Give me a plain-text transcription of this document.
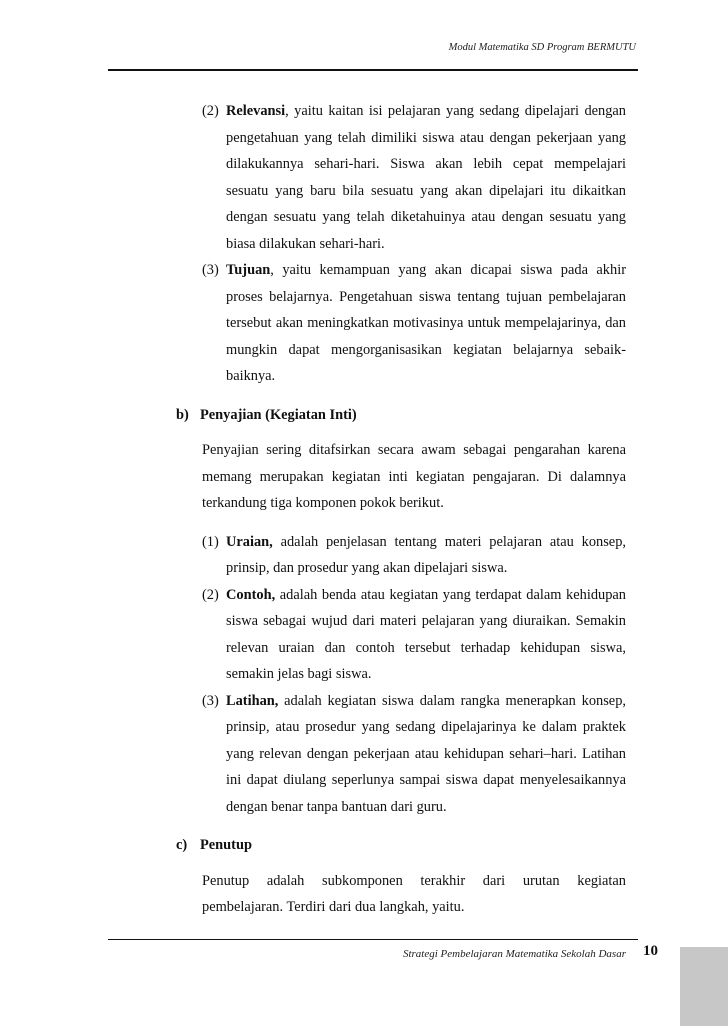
Modul Matematika SD Program BERMUTU
(2) Relevansi, yaitu kaitan isi pelajaran yang sedang dipelajari dengan pengetahuan yang telah dimiliki siswa atau dengan pekerjaan yang dilakukannya sehari-hari. Siswa akan lebih cepat mempelajari sesuatu yang baru bila sesuatu yang akan dipelajari itu dikaitkan dengan sesuatu yang telah diketahuinya atau dengan sesuatu yang biasa dilakukan sehari-hari.
(3) Tujuan, yaitu kemampuan yang akan dicapai siswa pada akhir proses belajarnya. Pengetahuan siswa tentang tujuan pembelajaran tersebut akan meningkatkan motivasinya untuk mempelajarinya, dan mungkin dapat mengorganisasikan kegiatan belajarnya sebaik-baiknya.
b) Penyajian (Kegiatan Inti)
Penyajian sering ditafsirkan secara awam sebagai pengarahan karena memang merupakan kegiatan inti kegiatan pengajaran. Di dalamnya terkandung tiga komponen pokok berikut.
(1) Uraian, adalah penjelasan tentang materi pelajaran atau konsep, prinsip, dan prosedur yang akan dipelajari siswa.
(2) Contoh, adalah benda atau kegiatan yang terdapat dalam kehidupan siswa sebagai wujud dari materi pelajaran yang diuraikan. Semakin relevan uraian dan contoh tersebut terhadap kehidupan siswa, semakin jelas bagi siswa.
(3) Latihan, adalah kegiatan siswa dalam rangka menerapkan konsep, prinsip, atau prosedur yang sedang dipelajarinya ke dalam praktek yang relevan dengan pekerjaan atau kehidupan sehari–hari. Latihan ini dapat diulang seperlunya sampai siswa dapat menyelesaikannya dengan benar tanpa bantuan dari guru.
c) Penutup
Penutup adalah subkomponen terakhir dari urutan kegiatan pembelajaran. Terdiri dari dua langkah, yaitu.
Strategi Pembelajaran Matematika Sekolah Dasar 10
